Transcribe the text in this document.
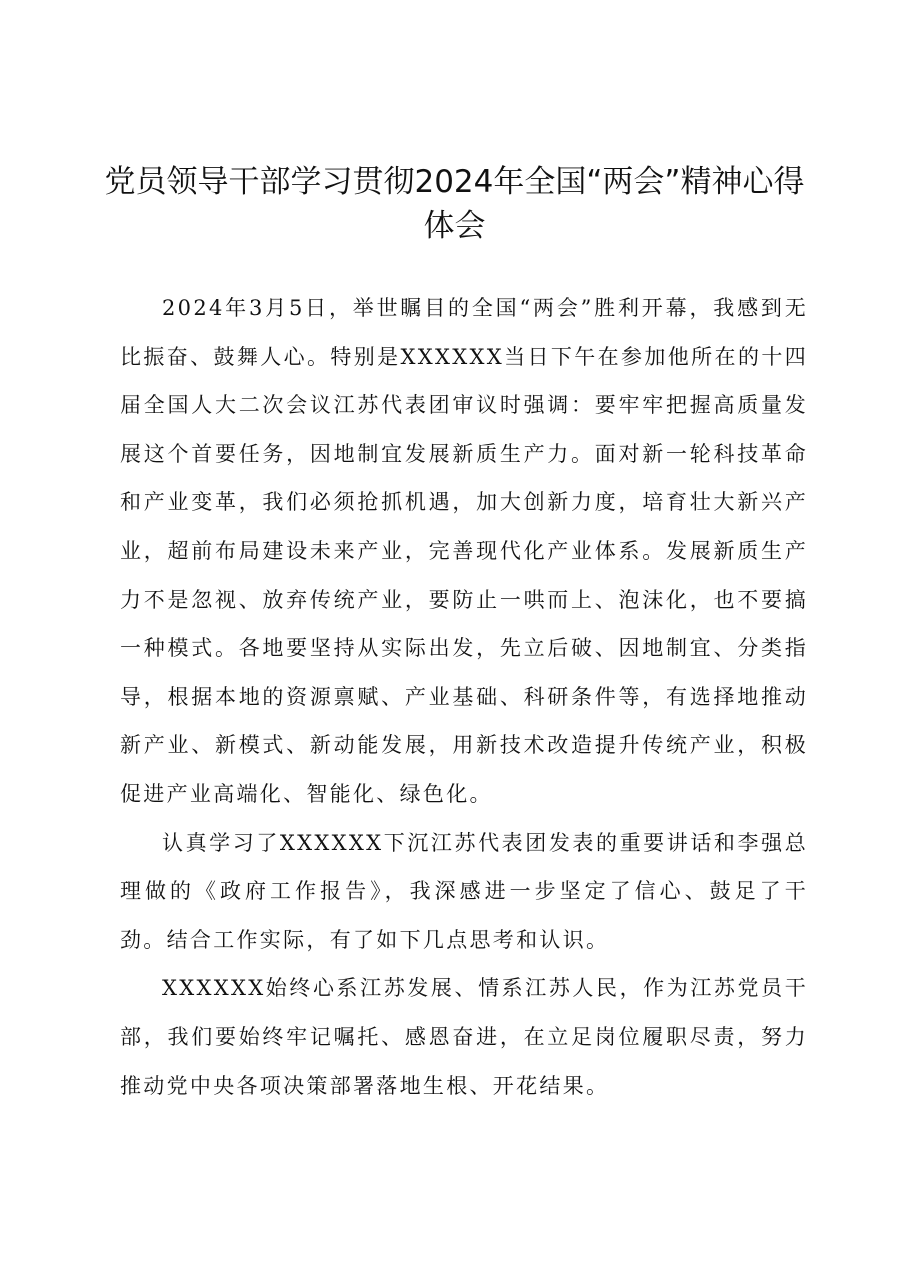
党员领导干部学习贯彻2024年全国“两会”精神心得体会

2024年3月5日，举世瞩目的全国“两会”胜利开幕，我感到无比振奋、鼓舞人心。特别是XXXXXX当日下午在参加他所在的十四届全国人大二次会议江苏代表团审议时强调：要牢牢把握高质量发展这个首要任务，因地制宜发展新质生产力。面对新一轮科技革命和产业变革，我们必须抢抓机遇，加大创新力度，培育壮大新兴产业，超前布局建设未来产业，完善现代化产业体系。发展新质生产力不是忽视、放弃传统产业，要防止一哄而上、泡沫化，也不要搞一种模式。各地要坚持从实际出发，先立后破、因地制宜、分类指导，根据本地的资源禀赋、产业基础、科研条件等，有选择地推动新产业、新模式、新动能发展，用新技术改造提升传统产业，积极促进产业高端化、智能化、绿色化。

认真学习了XXXXXX下沉江苏代表团发表的重要讲话和李强总理做的《政府工作报告》，我深感进一步坚定了信心、鼓足了干劲。结合工作实际，有了如下几点思考和认识。

XXXXXX始终心系江苏发展、情系江苏人民，作为江苏党员干部，我们要始终牢记嘱托、感恩奋进，在立足岗位履职尽责，努力推动党中央各项决策部署落地生根、开花结果。
